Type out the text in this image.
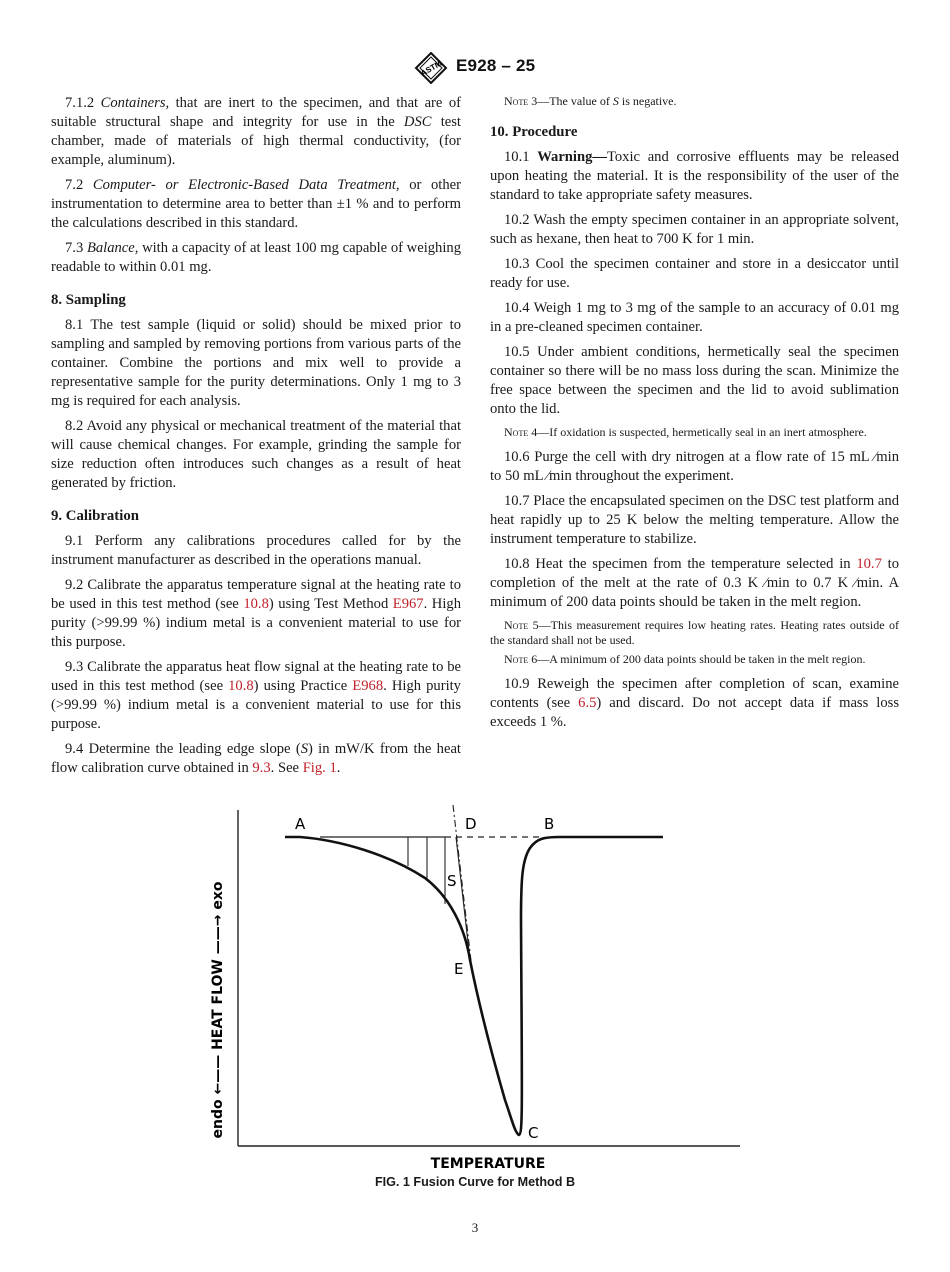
ASTM E928 – 25

7.1.2 Containers, that are inert to the specimen, and that are of suitable structural shape and integrity for use in the DSC test chamber, made of materials of high thermal conductivity, (for example, aluminum).

7.2 Computer- or Electronic-Based Data Treatment, or other instrumentation to determine area to better than ±1 % and to perform the calculations described in this standard.

7.3 Balance, with a capacity of at least 100 mg capable of weighing readable to within 0.01 mg.

8. Sampling

8.1 The test sample (liquid or solid) should be mixed prior to sampling and sampled by removing portions from various parts of the container. Combine the portions and mix well to provide a representative sample for the purity determinations. Only 1 mg to 3 mg is required for each analysis.

8.2 Avoid any physical or mechanical treatment of the material that will cause chemical changes. For example, grinding the sample for size reduction often introduces such changes as a result of heat generated by friction.

9. Calibration

9.1 Perform any calibrations procedures called for by the instrument manufacturer as described in the operations manual.

9.2 Calibrate the apparatus temperature signal at the heating rate to be used in this test method (see 10.8) using Test Method E967. High purity (>99.99 %) indium metal is a convenient material to use for this purpose.

9.3 Calibrate the apparatus heat flow signal at the heating rate to be used in this test method (see 10.8) using Practice E968. High purity (>99.99 %) indium metal is a convenient material to use for this purpose.

9.4 Determine the leading edge slope (S) in mW/K from the heat flow calibration curve obtained in 9.3. See Fig. 1.

Note 3—The value of S is negative.

10. Procedure

10.1 Warning—Toxic and corrosive effluents may be released upon heating the material. It is the responsibility of the user of the standard to take appropriate safety measures.

10.2 Wash the empty specimen container in an appropriate solvent, such as hexane, then heat to 700 K for 1 min.

10.3 Cool the specimen container and store in a desiccator until ready for use.

10.4 Weigh 1 mg to 3 mg of the sample to an accuracy of 0.01 mg in a pre-cleaned specimen container.

10.5 Under ambient conditions, hermetically seal the specimen container so there will be no mass loss during the scan. Minimize the free space between the specimen and the lid to avoid sublimation onto the lid.

Note 4—If oxidation is suspected, hermetically seal in an inert atmosphere.

10.6 Purge the cell with dry nitrogen at a flow rate of 15 mL ⁄min to 50 mL ⁄min throughout the experiment.

10.7 Place the encapsulated specimen on the DSC test platform and heat rapidly up to 25 K below the melting temperature. Allow the instrument temperature to stabilize.

10.8 Heat the specimen from the temperature selected in 10.7 to completion of the melt at the rate of 0.3 K ⁄min to 0.7 K ⁄min. A minimum of 200 data points should be taken in the melt region.

Note 5—This measurement requires low heating rates. Heating rates outside of the standard shall not be used.

Note 6—A minimum of 200 data points should be taken in the melt region.

10.9 Reweigh the specimen after completion of scan, examine contents (see 6.5) and discard. Do not accept data if mass loss exceeds 1 %.

A	D	B
S
E
C
TEMPERATURE
endo ←—— HEAT FLOW ——→ exo
FIG. 1 Fusion Curve for Method B
3
